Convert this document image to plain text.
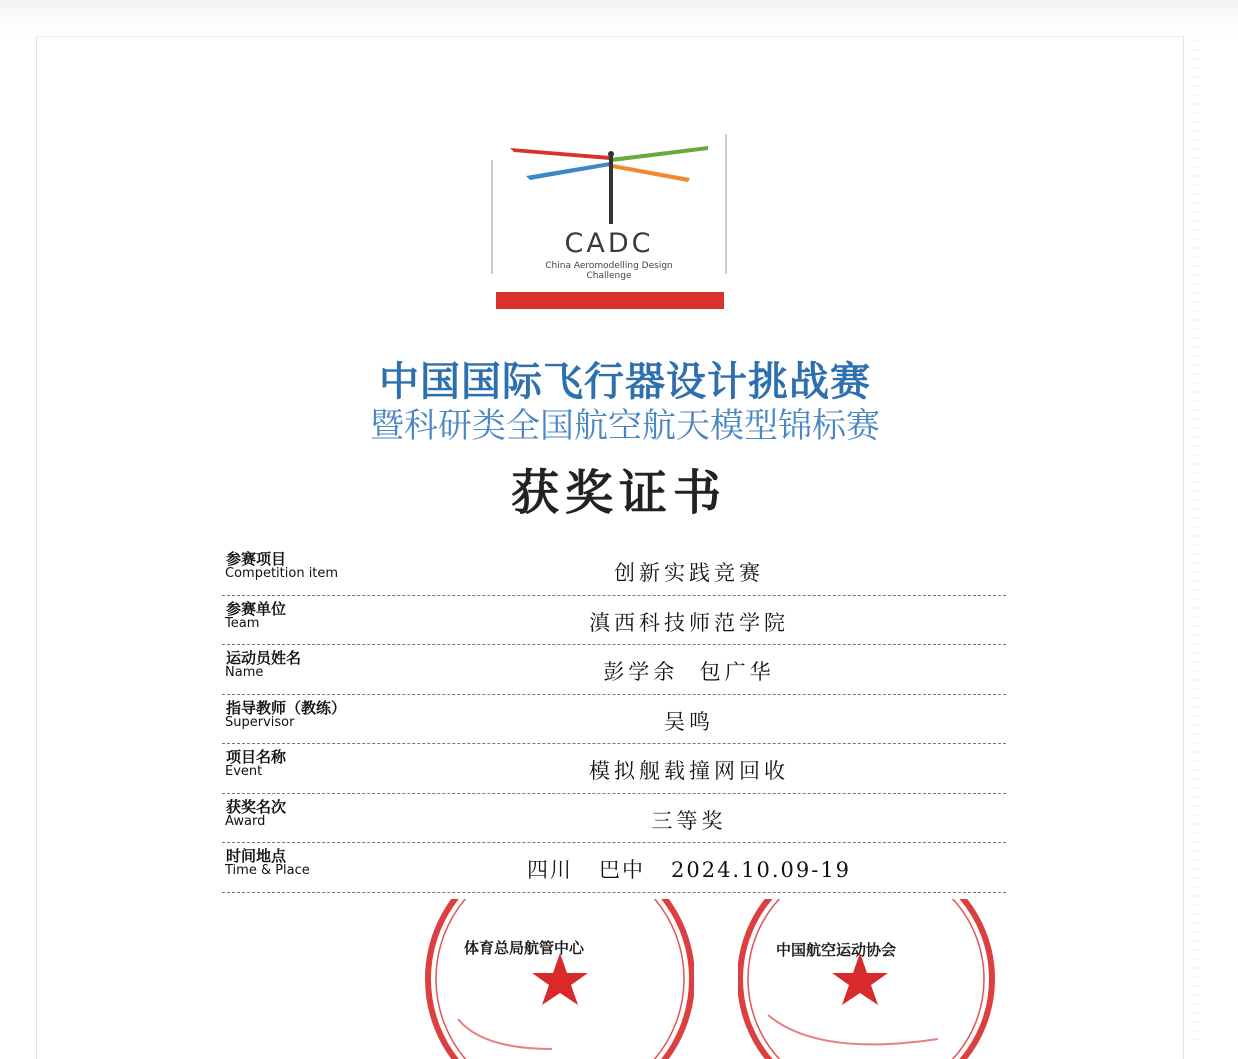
CADC
China Aeromodelling Design
Challenge
中国国际飞行器设计挑战赛
暨科研类全国航空航天模型锦标赛
获奖证书
参赛项目
Competition item	创新实践竞赛
参赛单位
Team	滇西科技师范学院
运动员姓名
Name	彭学余  包广华
指导教师（教练）
Supervisor	吴鸣
项目名称
Event	模拟舰载撞网回收
获奖名次
Award	三等奖
时间地点
Time & Place	四川   巴中   2024.10.09-19
体育总局航管中心	中国航空运动协会
